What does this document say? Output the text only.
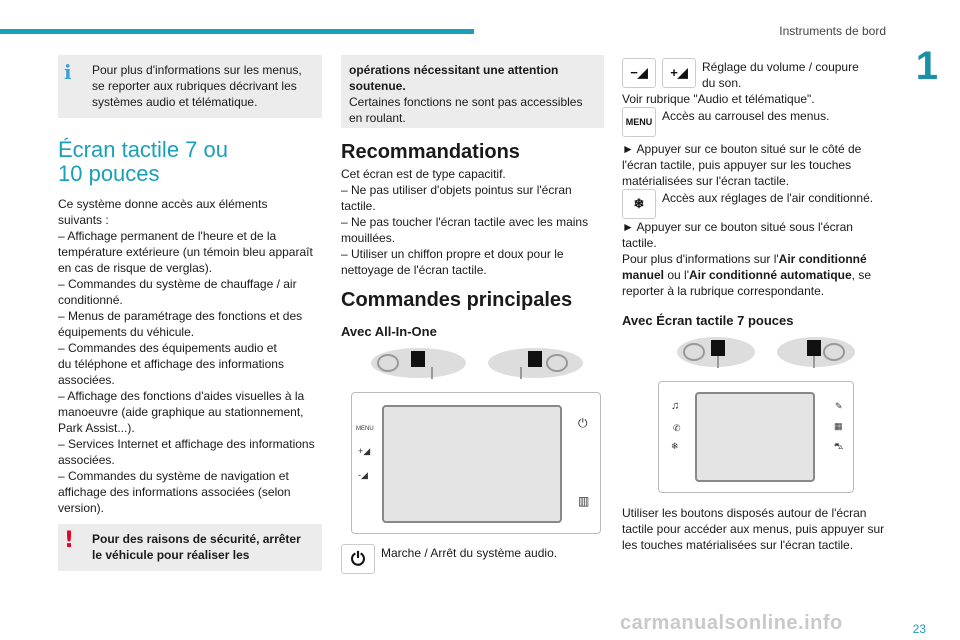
Instruments de bord
1
i	Pour plus d'informations sur les menus, se reporter aux rubriques décrivant les systèmes audio et télématique.
Écran tactile 7 ou
10 pouces
Ce système donne accès aux éléments
suivants :
– Affichage permanent de l'heure et de la
température extérieure (un témoin bleu apparaît
en cas de risque de verglas).
– Commandes du système de chauffage / air
conditionné.
– Menus de paramétrage des fonctions et des
équipements du véhicule.
– Commandes des équipements audio et
du téléphone et affichage des informations
associées.
– Affichage des fonctions d'aides visuelles à la
manoeuvre (aide graphique au stationnement,
Park Assist...).
– Services Internet et affichage des informations
associées.
– Commandes du système de navigation et
affichage des informations associées (selon
version).
!	Pour des raisons de sécurité, arrêter le véhicule pour réaliser les
opérations nécessitant une attention soutenue.
Certaines fonctions ne sont pas accessibles en roulant.
Recommandations
Cet écran est de type capacitif.
– Ne pas utiliser d'objets pointus sur l'écran
tactile.
– Ne pas toucher l'écran tactile avec les mains
mouillées.
– Utiliser un chiffon propre et doux pour le
nettoyage de l'écran tactile.
Commandes principales
Avec All-In-One
MENU
+◢
-◢
⏻
▥
⏻	Marche / Arrêt du système audio.
−◢	+◢	Réglage du volume / coupure du son.
Voir rubrique "Audio et télématique".
MENU Accès au carrousel des menus.
► Appuyer sur ce bouton situé sur le côté de l'écran tactile, puis appuyer sur les touches matérialisées sur l'écran tactile.
❄	Accès aux réglages de l'air conditionné.
► Appuyer sur ce bouton situé sous l'écran tactile.
Pour plus d'informations sur l'Air conditionné manuel ou l'Air conditionné automatique, se reporter à la rubrique correspondante.
Avec Écran tactile 7 pouces
♫
✆
❄
✎
▦
⛍
Utiliser les boutons disposés autour de l'écran tactile pour accéder aux menus, puis appuyer sur les touches matérialisées sur l'écran tactile.
carmanualsonline.info	23
